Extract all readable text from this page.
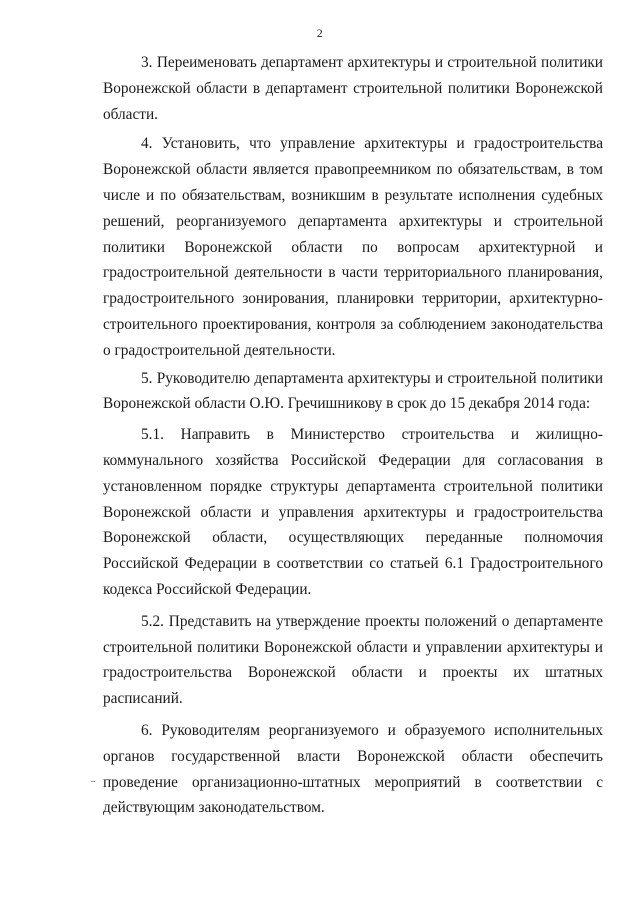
2

3. Переименовать департамент архитектуры и строительной политики Воронежской области в департамент строительной политики Воронежской области.

4. Установить, что управление архитектуры и градостроительства Воронежской области является правопреемником по обязательствам, в том числе и по обязательствам, возникшим в результате исполнения судебных решений, реорганизуемого департамента архитектуры и строительной политики Воронежской области по вопросам архитектурной и градостроительной деятельности в части территориального планирования, градостроительного зонирования, планировки территории, архитектурно-строительного проектирования, контроля за соблюдением законодательства о градостроительной деятельности.

5. Руководителю департамента архитектуры и строительной политики Воронежской области О.Ю. Гречишникову в срок до 15 декабря 2014 года:

5.1. Направить в Министерство строительства и жилищно-коммунального хозяйства Российской Федерации для согласования в установленном порядке структуры департамента строительной политики Воронежской области и управления архитектуры и градостроительства Воронежской области, осуществляющих переданные полномочия Российской Федерации в соответствии со статьей 6.1 Градостроительного кодекса Российской Федерации.

5.2. Представить на утверждение проекты положений о департаменте строительной политики Воронежской области и управлении архитектуры и градостроительства Воронежской области и проекты их штатных расписаний.

6. Руководителям реорганизуемого и образуемого исполнительных органов государственной власти Воронежской области обеспечить проведение организационно-штатных мероприятий в соответствии с действующим законодательством.
